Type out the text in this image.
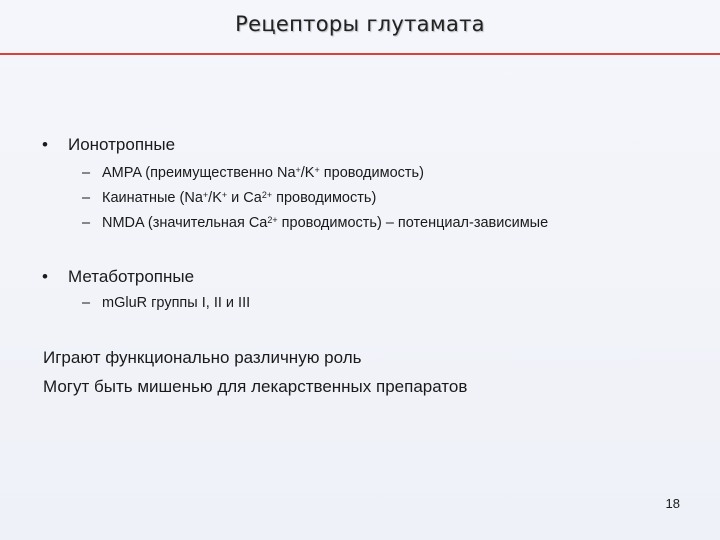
Рецепторы глутамата
• Ионотропные
– AMPA (преимущественно Na+/K+ проводимость)
– Каинатные (Na+/K+ и $Ca^{2+}$ проводимость)
– NMDA (значительная $Ca^{2+}$ проводимость) – потенциал-зависимые
• Метаботропные
– mGluR группы I, II и III
Играют функционально различную роль
Могут быть мишенью для лекарственных препаратов
18
